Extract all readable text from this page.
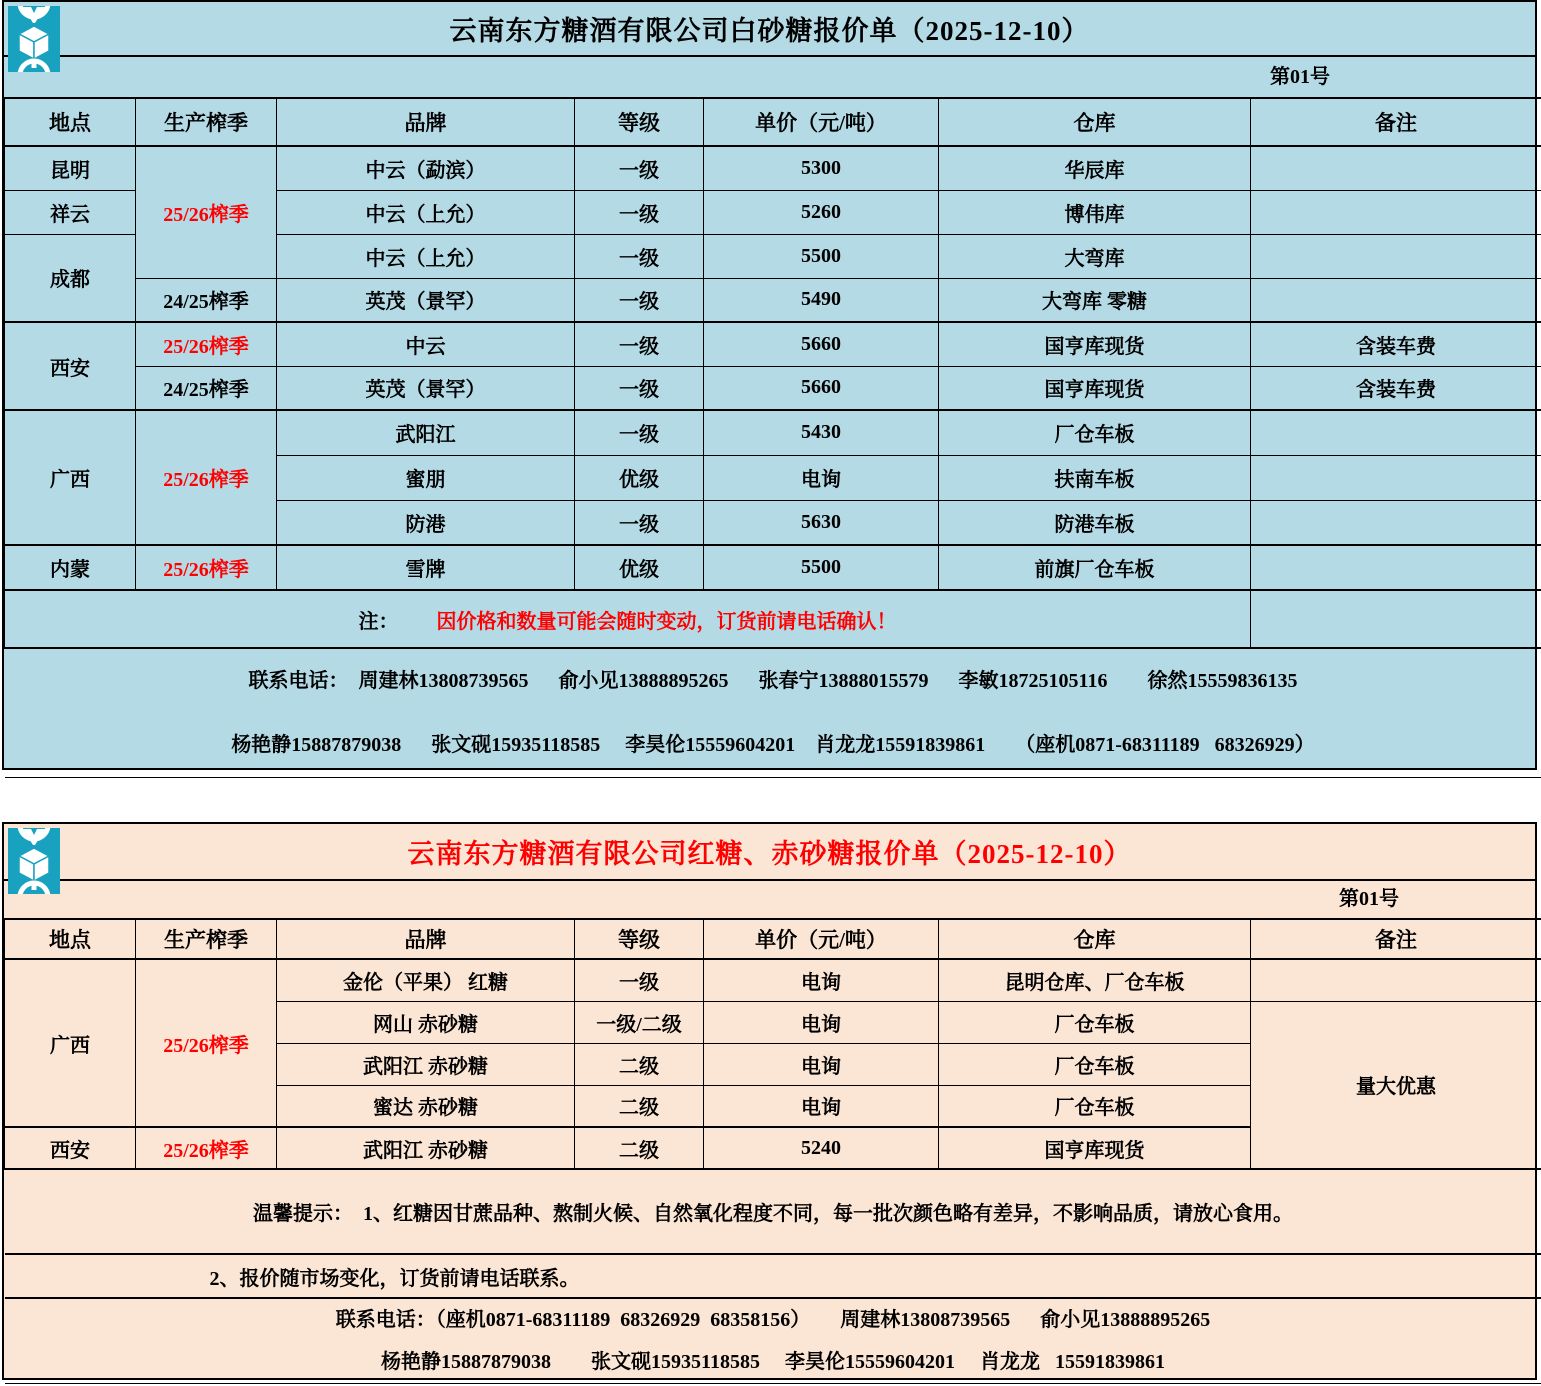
云南东方糖酒有限公司白砂糖报价单（2025-12-10）
第01号
地点	生产榨季	品牌	等级	单价（元/吨）	仓库	备注
昆明	25/26榨季	中云（勐滨）	一级	5300	华辰库	
祥云		中云（上允）	一级	5260	博伟库	
成都		中云（上允）	一级	5500	大弯库	
	24/25榨季	英茂（景罕）	一级	5490	大弯库 零糖	
西安	25/26榨季	中云	一级	5660	国亨库现货	含装车费
	24/25榨季	英茂（景罕）	一级	5660	国亨库现货	含装车费
广西	25/26榨季	武阳江	一级	5430	厂仓车板	
		蜜朋	优级	电询	扶南车板	
		防港	一级	5630	防港车板	
内蒙	25/26榨季	雪牌	优级	5500	前旗厂仓车板	
注： 因价格和数量可能会随时变动，订货前请电话确认！						

联系电话：  周建林13808739565      俞小见13888895265      张春宁13888015579      李敏18725105116        徐然15559836135
杨艳静15887879038      张文砚15935118585     李昊伦15559604201    肖龙龙15591839861      （座机0871-68311189   68326929）						
云南东方糖酒有限公司红糖、赤砂糖报价单（2025-12-10）
第01号
地点	生产榨季	品牌	等级	单价（元/吨）	仓库	备注
广西	25/26榨季	金伦（平果） 红糖	一级	电询	昆明仓库、厂仓车板	
		网山 赤砂糖	一级/二级	电询	厂仓车板	量大优惠
		武阳江 赤砂糖	二级	电询	厂仓车板	
		蜜达 赤砂糖	二级	电询	厂仓车板	
西安	25/26榨季	武阳江 赤砂糖	二级	5240	国亨库现货	
温馨提示：  1、红糖因甘蔗品种、熬制火候、自然氧化程度不同，每一批次颜色略有差异，不影响品质，请放心食用。						
2、报价随市场变化，订货前请电话联系。						

联系电话：（座机0871-68311189  68326929  68358156）      周建林13808739565      俞小见13888895265
杨艳静15887879038        张文砚15935118585     李昊伦15559604201     肖龙龙   15591839861						
